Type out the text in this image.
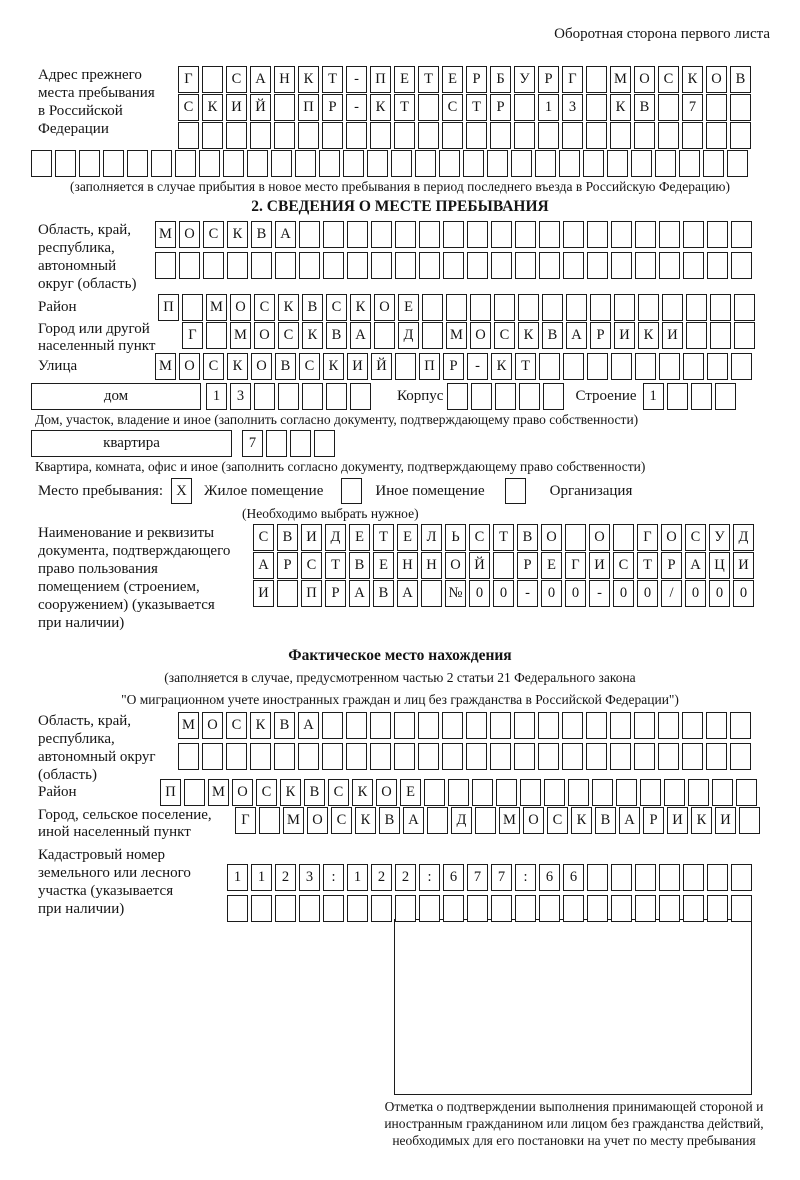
Оборотная сторона первого листа
Адрес прежнего
места пребывания
в Российской
Федерации
Г	С А Н К	Т	-	П Е	Т	Е	Р	Б	У	Р	Г	М О С К О В
С К И Й	П	Р	-	К	Т	С	Т	Р	1	3	К В	7
(заполняется в случае прибытия в новое место пребывания в период последнего въезда в Российскую Федерацию)
2. СВЕДЕНИЯ О МЕСТЕ ПРЕБЫВАНИЯ
Область, край,
республика,
автономный
округ (область)
М О С К В А
Район	П	М О С К В С К О Е
Город или другой
населенный пункт
Г	М О С К В А	Д	М О С К В А	Р	И К И
Улица	М О С К О В С К И Й	П	Р	-	К	Т
дом	1	3	Корпус	Строение 1
Дом, участок, владение и иное (заполнить согласно документу, подтверждающему право собственности)
квартира	7
Квартира, комната, офис и иное (заполнить согласно документу, подтверждающему право собственности)
Место пребывания: X	Жилое помещение	Иное помещение	Организация
(Необходимо выбрать нужное)
Наименование и реквизиты
документа, подтверждающего
право пользования
помещением (строением,
сооружением) (указывается
при наличии)
С В И Д	Е	Т	Е	Л	Ь	С	Т	В О	О	Г	О С У Д
А	Р	С	Т	В	Е Н Н О Й	Р	Е	Г	И С	Т	Р	А Ц И
И	П	Р	А В А	№ 0	0	-	0	0	-	0	0	/	0	0	0
Фактическое место нахождения
(заполняется в случае, предусмотренном частью 2 статьи 21 Федерального закона
"О миграционном учете иностранных граждан и лиц без гражданства в Российской Федерации")
Область, край,
республика,
автономный округ
(область)
М О С К В А
Район	П	М О С К В С К О Е
Город, сельское поселение,
иной населенный пункт
Г	М О С К В А	Д	М О С К В А	Р	И К И
Кадастровый номер
земельного или лесного
участка (указывается
при наличии)
1	1	2	3	:	1	2	2	:	6	7	7	:	6	6
Отметка о подтверждении выполнения принимающей стороной и иностранным гражданином или лицом без гражданства действий, необходимых для его постановки на учет по месту пребывания
